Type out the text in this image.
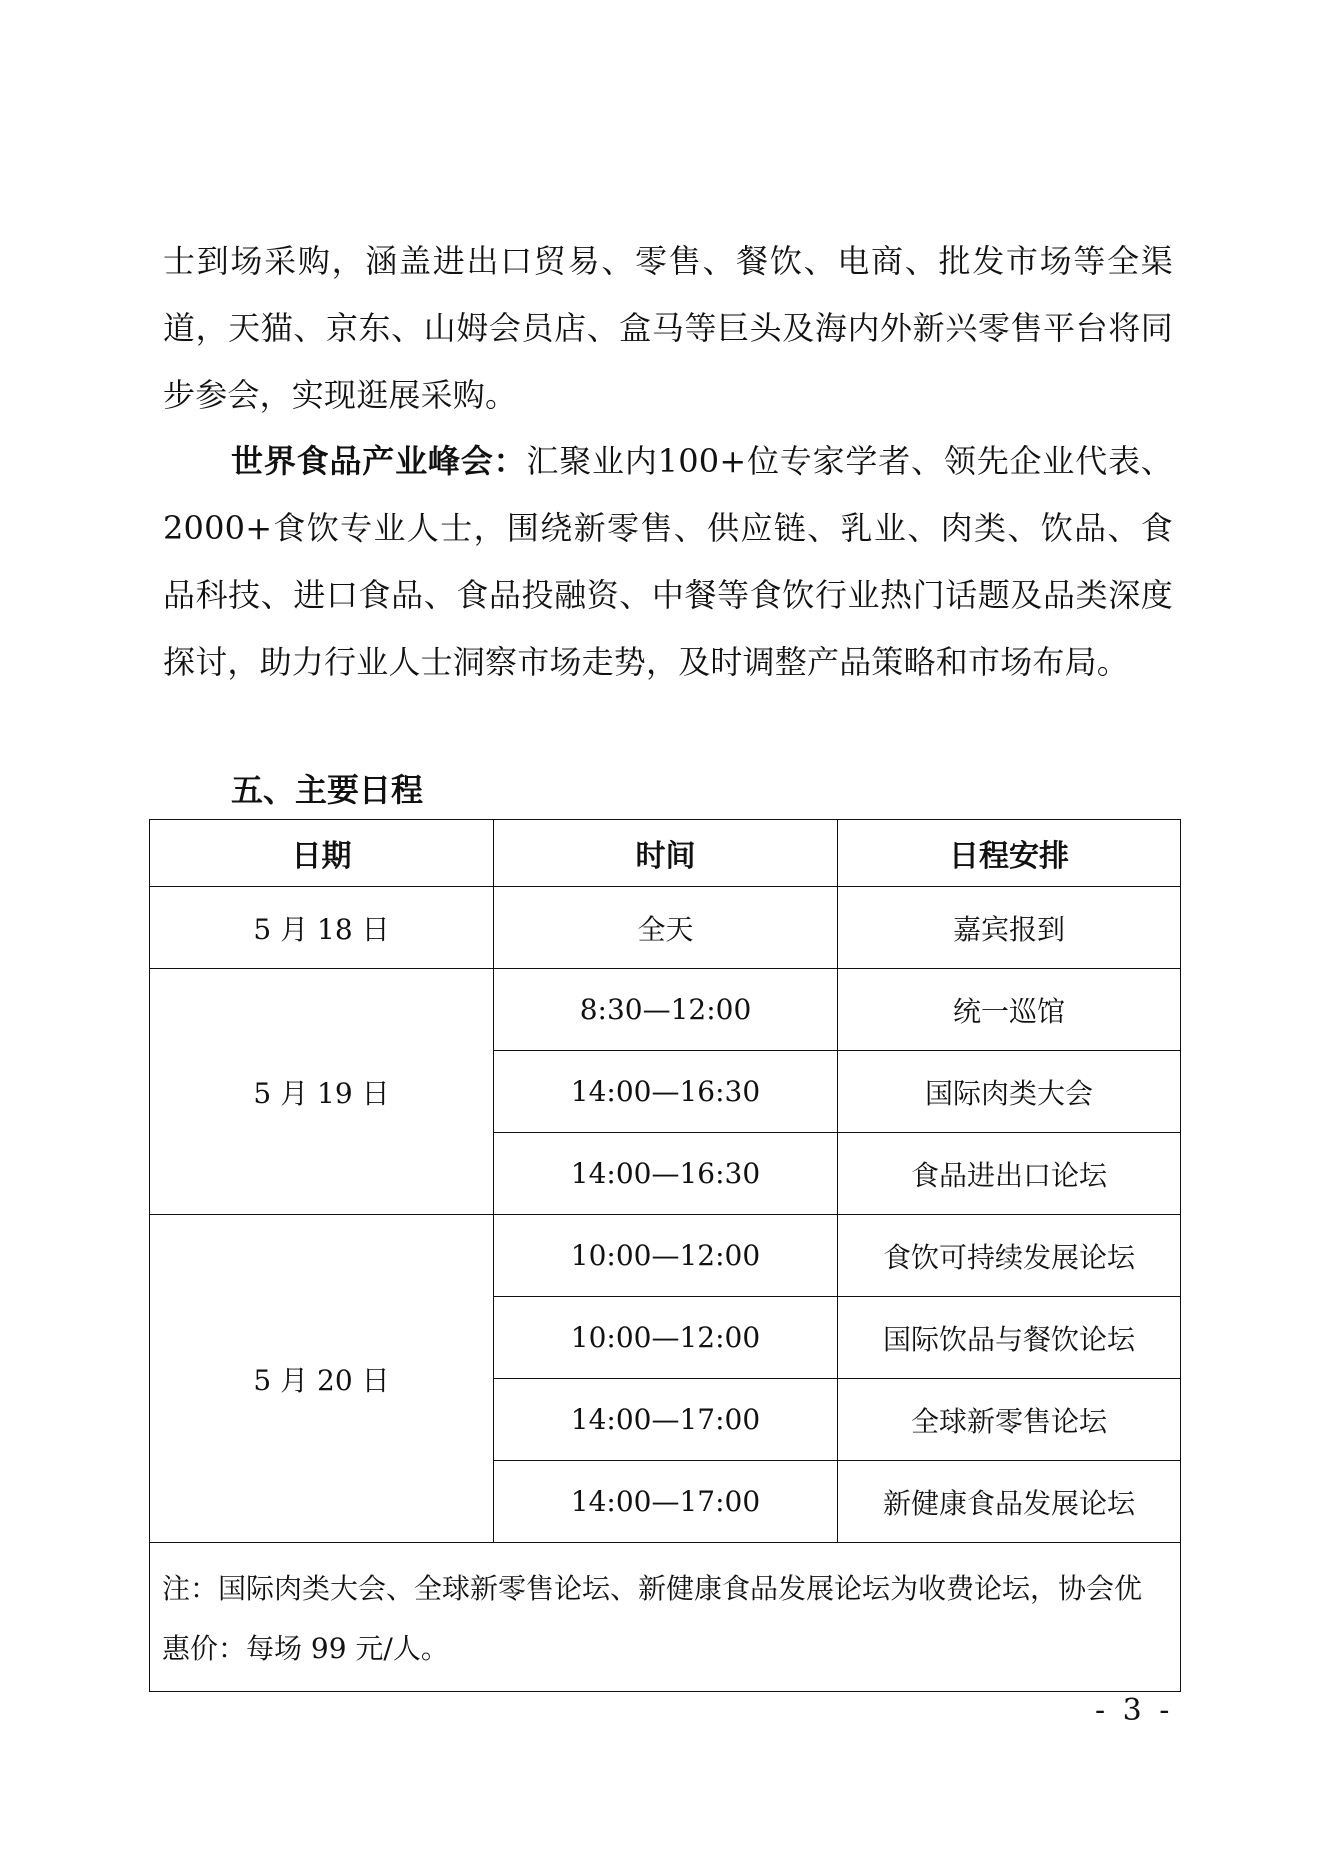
士到场采购，涵盖进出口贸易、零售、餐饮、电商、批发市场等全渠道，天猫、京东、山姆会员店、盒马等巨头及海内外新兴零售平台将同步参会，实现逛展采购。

世界食品产业峰会：汇聚业内100+位专家学者、领先企业代表、2000+食饮专业人士，围绕新零售、供应链、乳业、肉类、饮品、食品科技、进口食品、食品投融资、中餐等食饮行业热门话题及品类深度探讨，助力行业人士洞察市场走势，及时调整产品策略和市场布局。

五、主要日程
日期	时间	日程安排
5 月 18 日	全天	嘉宾报到
5 月 19 日	8:30—12:00	统一巡馆
	14:00—16:30	国际肉类大会
	14:00—16:30	食品进出口论坛
5 月 20 日	10:00—12:00	食饮可持续发展论坛
	10:00—12:00	国际饮品与餐饮论坛
	14:00—17:00	全球新零售论坛
	14:00—17:00	新健康食品发展论坛
注：国际肉类大会、全球新零售论坛、新健康食品发展论坛为收费论坛，协会优惠价：每场 99 元/人。		
- 3 -
